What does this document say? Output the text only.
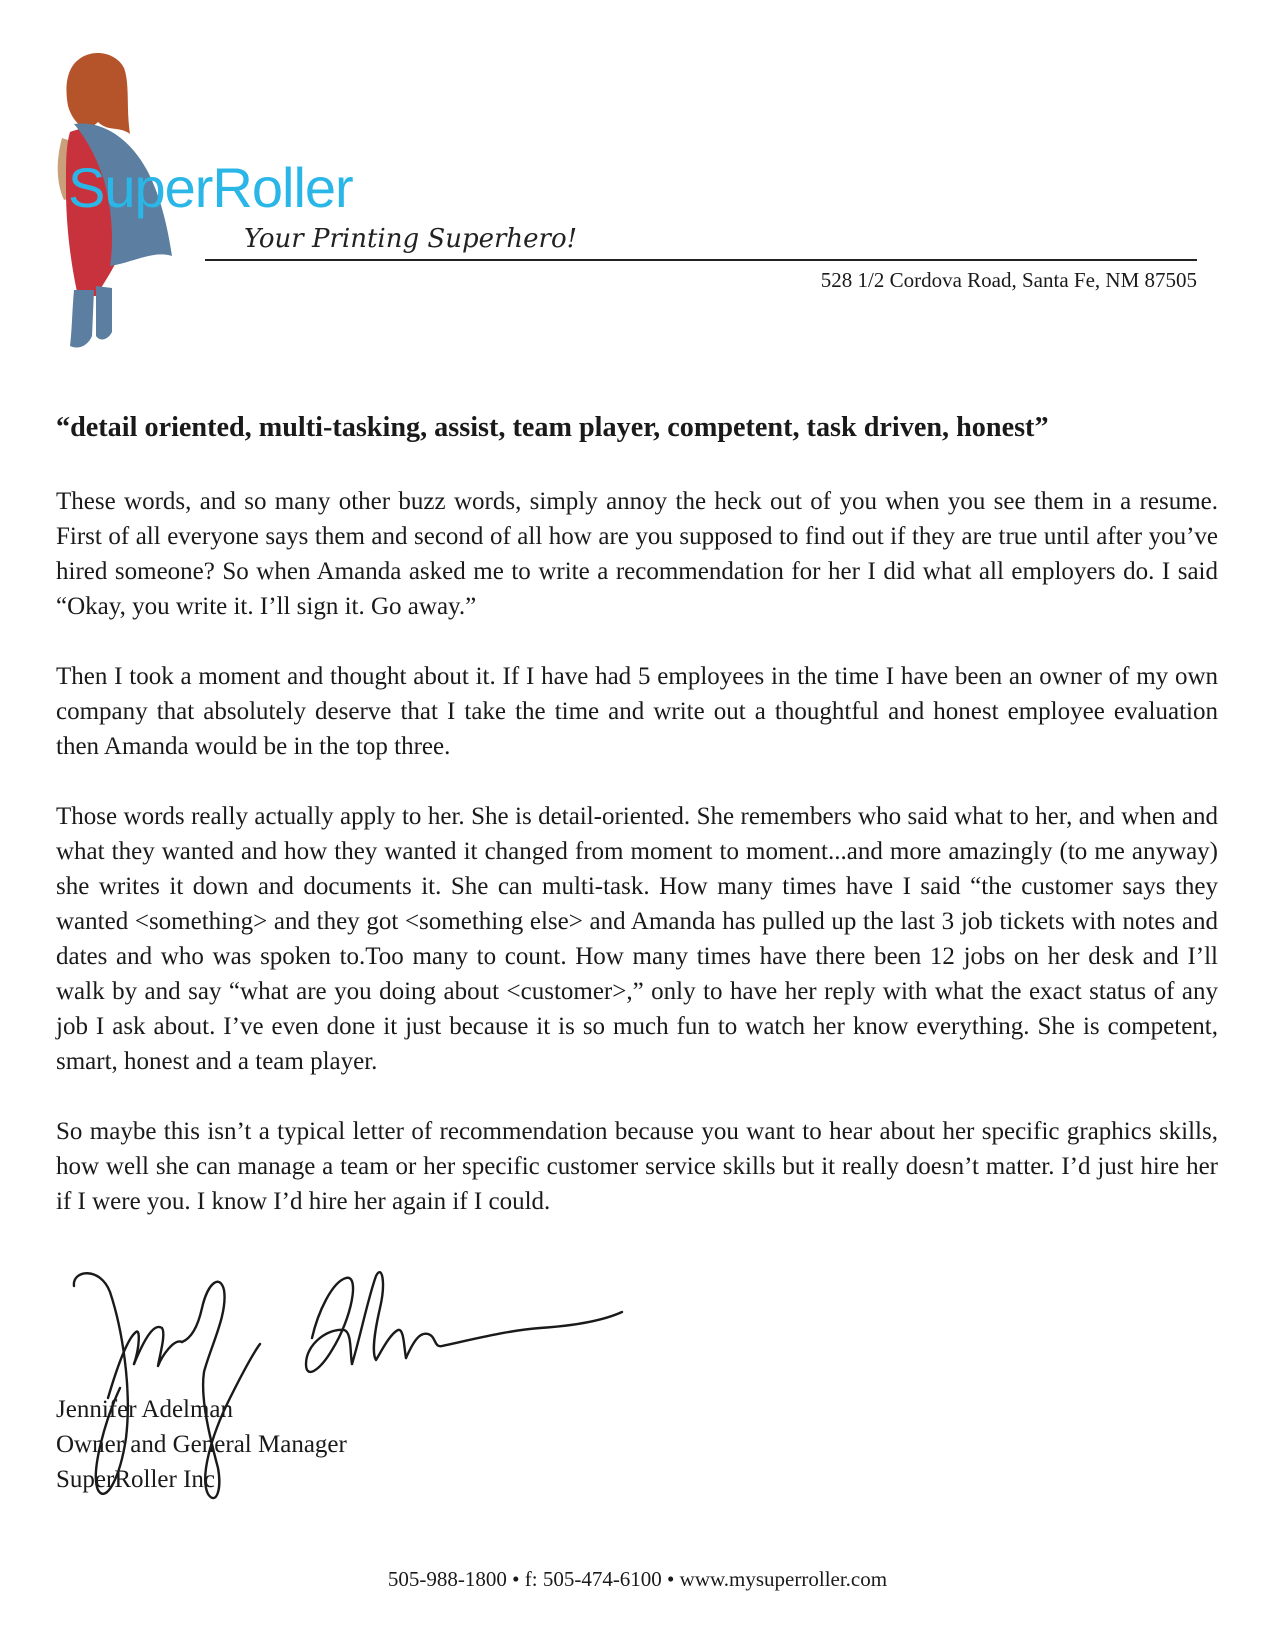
SuperRoller
Your Printing Superhero!
528 1/2 Cordova Road, Santa Fe, NM 87505
“detail oriented, multi-tasking, assist, team player, competent, task driven, honest”

These words, and so many other buzz words, simply annoy the heck out of you when you see them in a resume. First of all everyone says them and second of all how are you supposed to find out if they are true until after you’ve hired someone? So when Amanda asked me to write a recommendation for her I did what all employers do. I said “Okay, you write it. I’ll sign it. Go away.”

Then I took a moment and thought about it. If I have had 5 employees in the time I have been an owner of my own company that absolutely deserve that I take the time and write out a thoughtful and honest employee evaluation then Amanda would be in the top three.

Those words really actually apply to her. She is detail-oriented. She remembers who said what to her, and when and what they wanted and how they wanted it changed from moment to moment...and more amazingly (to me anyway) she writes it down and documents it. She can multi-task. How many times have I said “the customer says they wanted <something> and they got <something else> and Amanda has pulled up the last 3 job tickets with notes and dates and who was spoken to.Too many to count. How many times have there been 12 jobs on her desk and I’ll walk by and say “what are you doing about <customer>,” only to have her reply with what the exact status of any job I ask about. I’ve even done it just because it is so much fun to watch her know everything. She is competent, smart, honest and a team player.

So maybe this isn’t a typical letter of recommendation because you want to hear about her specific graphics skills, how well she can manage a team or her specific customer service skills but it really doesn’t matter. I’d just hire her if I were you. I know I’d hire her again if I could.

Jennifer Adelman
Owner and General Manager
SuperRoller Inc
505-988-1800 • f: 505-474-6100 • www.mysuperroller.com
